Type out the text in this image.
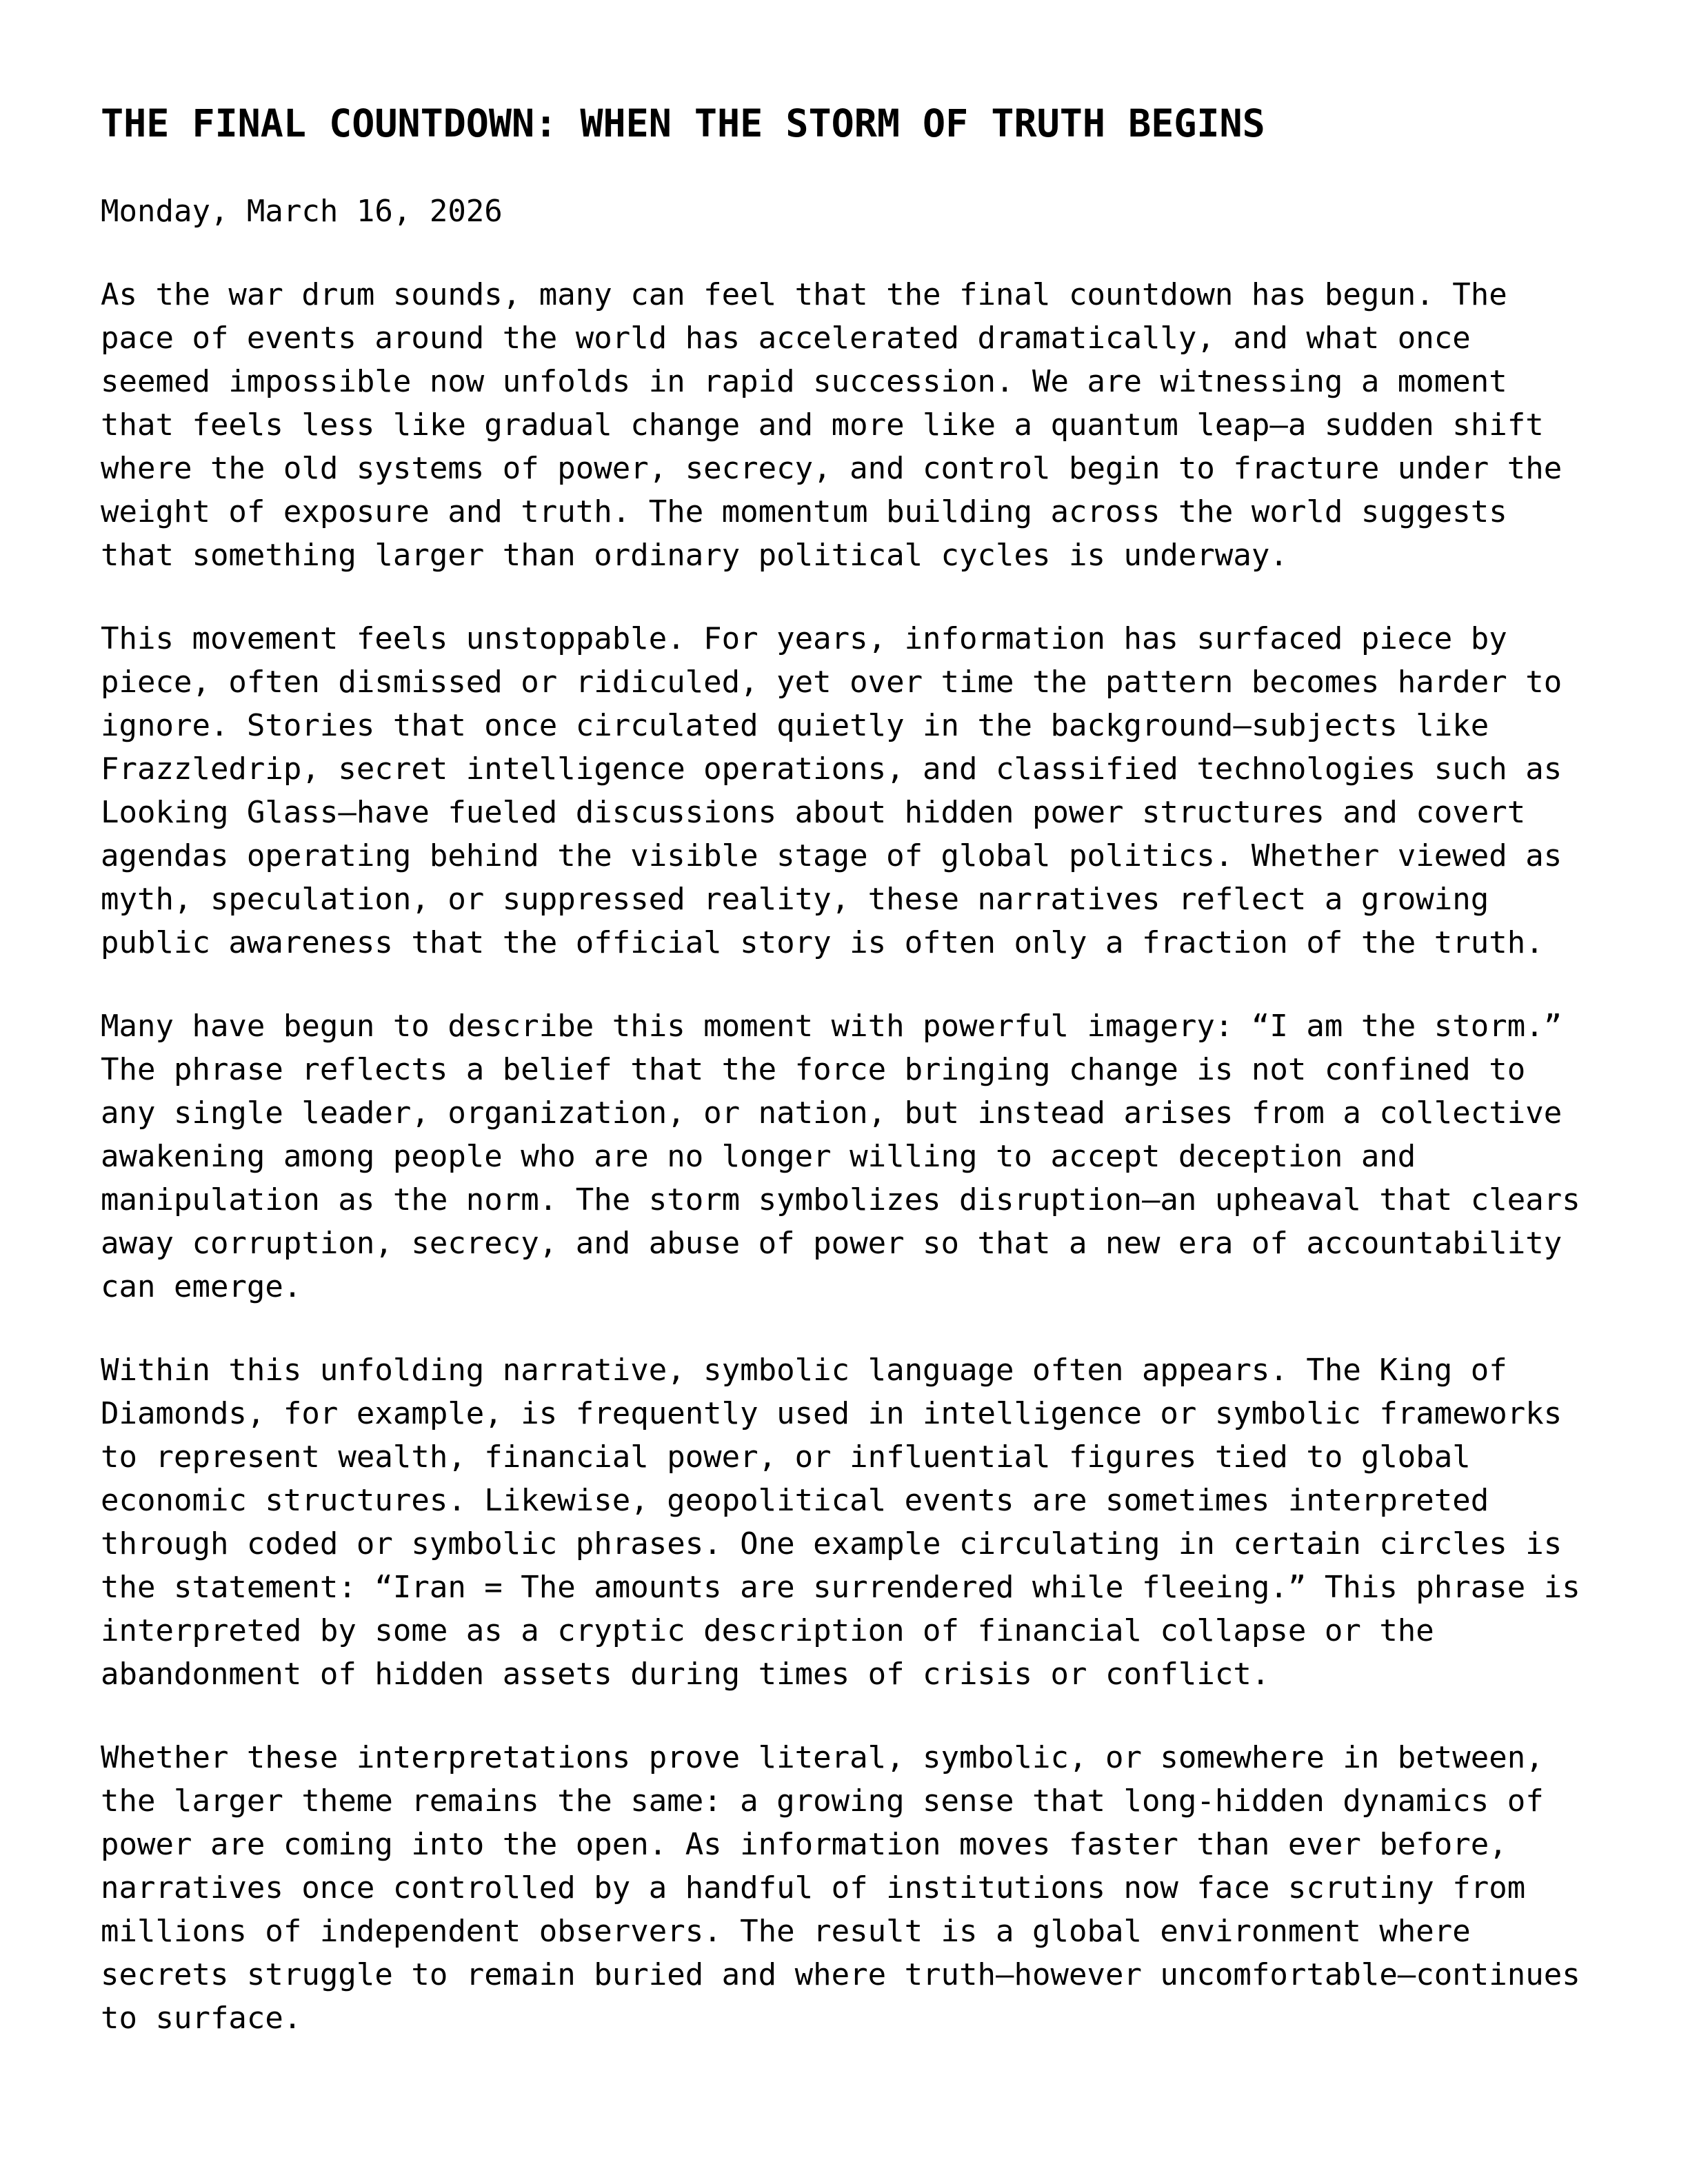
THE FINAL COUNTDOWN: WHEN THE STORM OF TRUTH BEGINS

Monday, March 16, 2026

As the war drum sounds, many can feel that the final countdown has begun. The pace of events around the world has accelerated dramatically, and what once seemed impossible now unfolds in rapid succession. We are witnessing a moment that feels less like gradual change and more like a quantum leap—a sudden shift where the old systems of power, secrecy, and control begin to fracture under the weight of exposure and truth. The momentum building across the world suggests that something larger than ordinary political cycles is underway.

This movement feels unstoppable. For years, information has surfaced piece by piece, often dismissed or ridiculed, yet over time the pattern becomes harder to ignore. Stories that once circulated quietly in the background—subjects like Frazzledrip, secret intelligence operations, and classified technologies such as Looking Glass—have fueled discussions about hidden power structures and covert agendas operating behind the visible stage of global politics. Whether viewed as myth, speculation, or suppressed reality, these narratives reflect a growing public awareness that the official story is often only a fraction of the truth.

Many have begun to describe this moment with powerful imagery: “I am the storm.” The phrase reflects a belief that the force bringing change is not confined to any single leader, organization, or nation, but instead arises from a collective awakening among people who are no longer willing to accept deception and manipulation as the norm. The storm symbolizes disruption—an upheaval that clears away corruption, secrecy, and abuse of power so that a new era of accountability can emerge.

Within this unfolding narrative, symbolic language often appears. The King of Diamonds, for example, is frequently used in intelligence or symbolic frameworks to represent wealth, financial power, or influential figures tied to global economic structures. Likewise, geopolitical events are sometimes interpreted through coded or symbolic phrases. One example circulating in certain circles is the statement: “Iran = The amounts are surrendered while fleeing.” This phrase is interpreted by some as a cryptic description of financial collapse or the abandonment of hidden assets during times of crisis or conflict.

Whether these interpretations prove literal, symbolic, or somewhere in between, the larger theme remains the same: a growing sense that long-hidden dynamics of power are coming into the open. As information moves faster than ever before, narratives once controlled by a handful of institutions now face scrutiny from millions of independent observers. The result is a global environment where secrets struggle to remain buried and where truth—however uncomfortable—continues to surface.
